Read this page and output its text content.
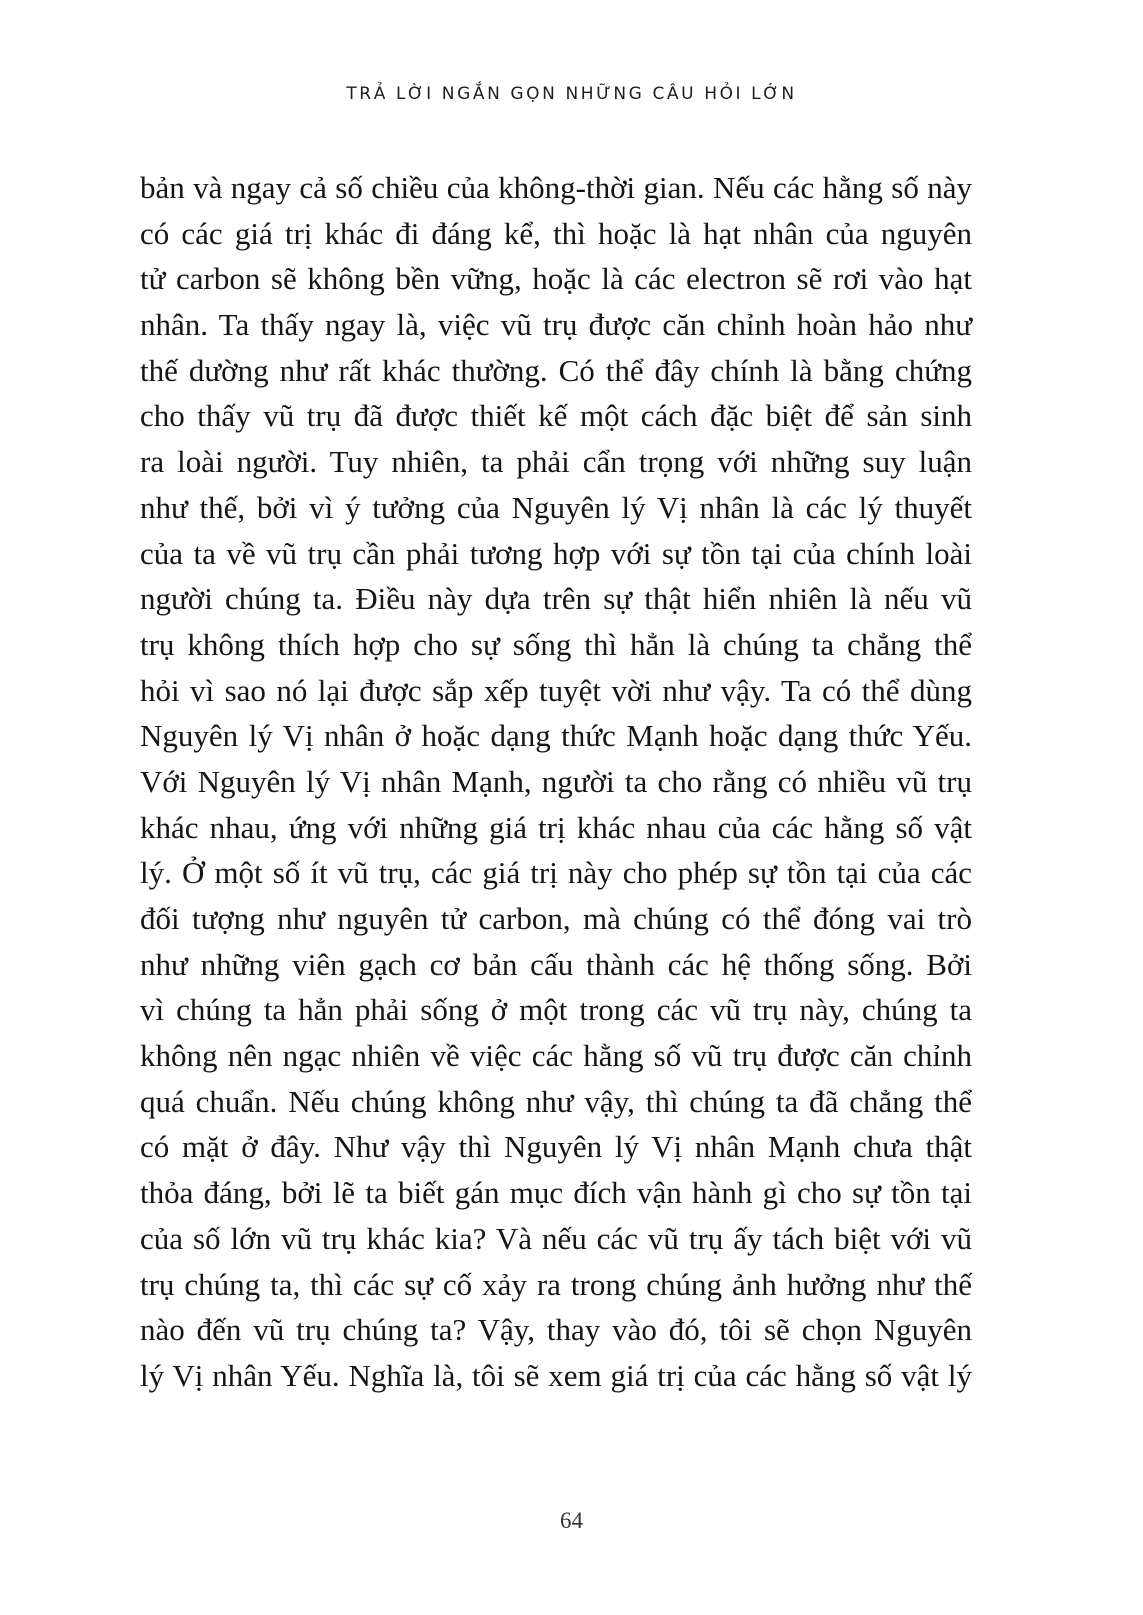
TRẢ LỜI NGẮN GỌN NHỮNG CÂU HỎI LỚN
bản và ngay cả số chiều của không-thời gian. Nếu các hằng số này
có các giá trị khác đi đáng kể, thì hoặc là hạt nhân của nguyên
tử carbon sẽ không bền vững, hoặc là các electron sẽ rơi vào hạt
nhân. Ta thấy ngay là, việc vũ trụ được căn chỉnh hoàn hảo như
thế dường như rất khác thường. Có thể đây chính là bằng chứng
cho thấy vũ trụ đã được thiết kế một cách đặc biệt để sản sinh
ra loài người. Tuy nhiên, ta phải cẩn trọng với những suy luận
như thế, bởi vì ý tưởng của Nguyên lý Vị nhân là các lý thuyết
của ta về vũ trụ cần phải tương hợp với sự tồn tại của chính loài
người chúng ta. Điều này dựa trên sự thật hiển nhiên là nếu vũ
trụ không thích hợp cho sự sống thì hẳn là chúng ta chẳng thể
hỏi vì sao nó lại được sắp xếp tuyệt vời như vậy. Ta có thể dùng
Nguyên lý Vị nhân ở hoặc dạng thức Mạnh hoặc dạng thức Yếu.
Với Nguyên lý Vị nhân Mạnh, người ta cho rằng có nhiều vũ trụ
khác nhau, ứng với những giá trị khác nhau của các hằng số vật
lý. Ở một số ít vũ trụ, các giá trị này cho phép sự tồn tại của các
đối tượng như nguyên tử carbon, mà chúng có thể đóng vai trò
như những viên gạch cơ bản cấu thành các hệ thống sống. Bởi
vì chúng ta hẳn phải sống ở một trong các vũ trụ này, chúng ta
không nên ngạc nhiên về việc các hằng số vũ trụ được căn chỉnh
quá chuẩn. Nếu chúng không như vậy, thì chúng ta đã chẳng thể
có mặt ở đây. Như vậy thì Nguyên lý Vị nhân Mạnh chưa thật
thỏa đáng, bởi lẽ ta biết gán mục đích vận hành gì cho sự tồn tại
của số lớn vũ trụ khác kia? Và nếu các vũ trụ ấy tách biệt với vũ
trụ chúng ta, thì các sự cố xảy ra trong chúng ảnh hưởng như thế
nào đến vũ trụ chúng ta? Vậy, thay vào đó, tôi sẽ chọn Nguyên
lý Vị nhân Yếu. Nghĩa là, tôi sẽ xem giá trị của các hằng số vật lý
64
